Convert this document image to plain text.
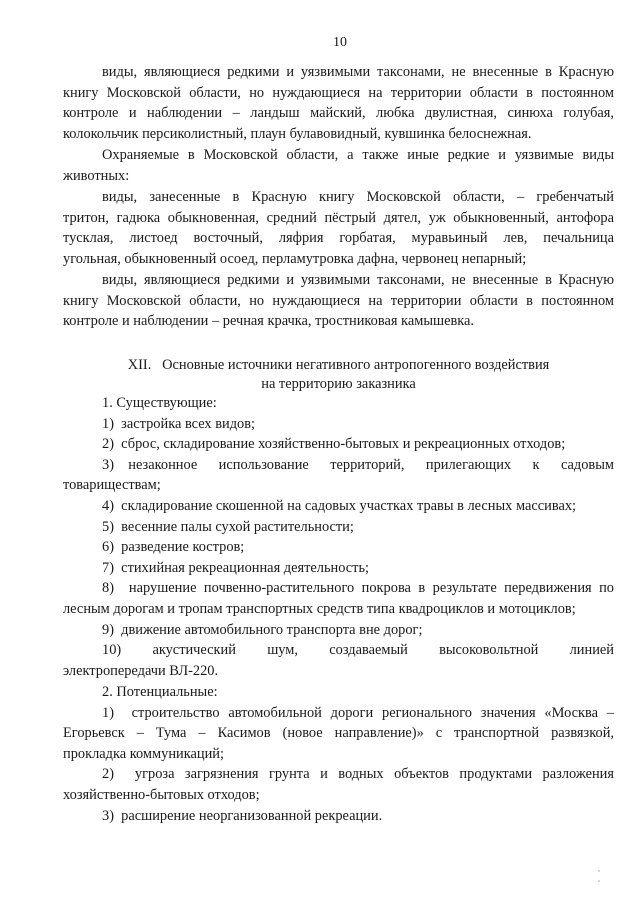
10
виды, являющиеся редкими и уязвимыми таксонами, не внесенные в Красную
книгу Московской области, но нуждающиеся на территории области в постоянном
контроле и наблюдении – ландыш майский, любка двулистная, синюха голубая,
колокольчик персиколистный, плаун булавовидный, кувшинка белоснежная.
Охраняемые в Московской области, а также иные редкие и уязвимые виды
животных:
виды, занесенные в Красную книгу Московской области, – гребенчатый
тритон, гадюка обыкновенная, средний пёстрый дятел, уж обыкновенный, антофора
тусклая, листоед восточный, ляфрия горбатая, муравьиный лев, печальница
угольная, обыкновенный осоед, перламутровка дафна, червонец непарный;
виды, являющиеся редкими и уязвимыми таксонами, не внесенные в Красную
книгу Московской области, но нуждающиеся на территории области в постоянном
контроле и наблюдении – речная крачка, тростниковая камышевка.
XII.   Основные источники негативного антропогенного воздействия
на территорию заказника
1. Существующие:
1)  застройка всех видов;
2)  сброс, складирование хозяйственно-бытовых и рекреационных отходов;
3)  незаконное   использование   территорий,   прилегающих   к   садовым
товариществам;
4)  складирование скошенной на садовых участках травы в лесных массивах;
5)  весенние палы сухой растительности;
6)  разведение костров;
7)  стихийная рекреационная деятельность;
8)  нарушение почвенно-растительного покрова в результате передвижения по
лесным дорогам и тропам транспортных средств типа квадроциклов и мотоциклов;
9)  движение автомобильного транспорта вне дорог;
10)   акустический   шум,   создаваемый   высоковольтной   линией
электропередачи ВЛ-220.
2. Потенциальные:
1)  строительство автомобильной дороги регионального значения «Москва –
Егорьевск  –  Тума  –  Касимов  (новое  направление)»  с  транспортной  развязкой,
прокладка коммуникаций;
2)  угроза загрязнения грунта и водных объектов продуктами разложения
хозяйственно-бытовых отходов;
3)  расширение неорганизованной рекреации.
